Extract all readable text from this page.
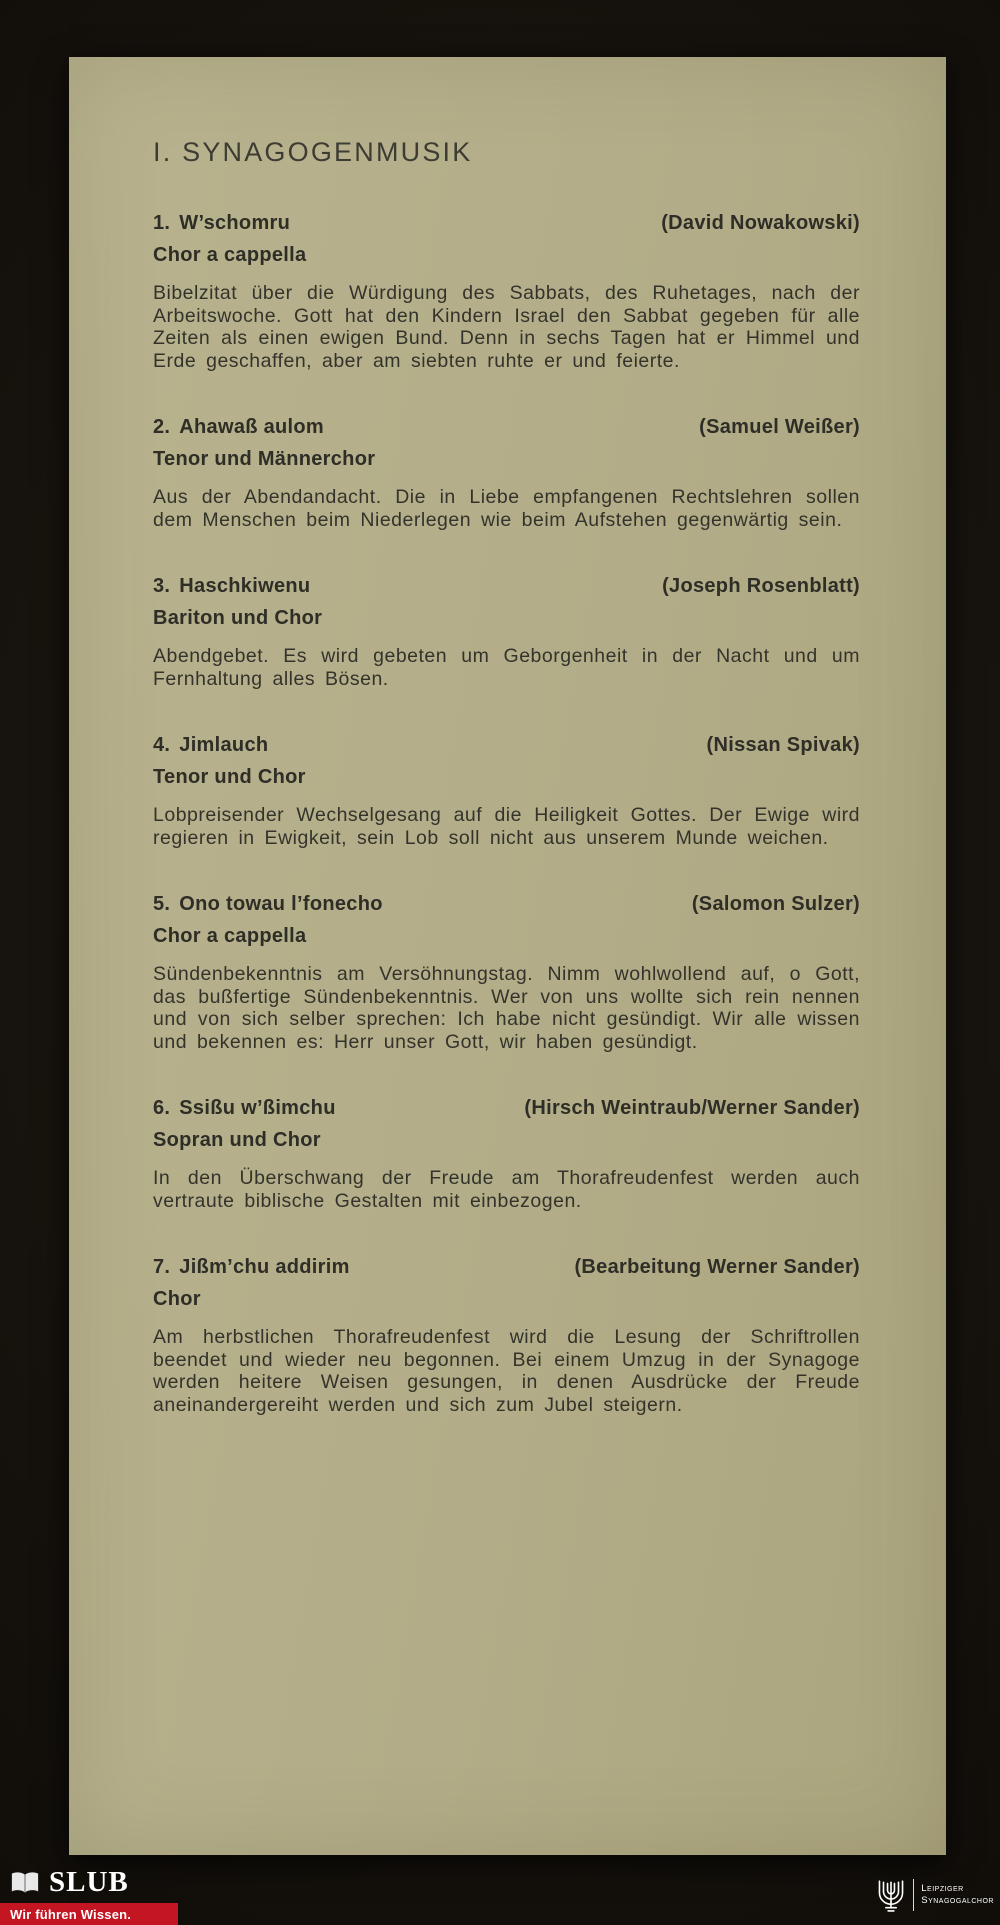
I. SYNAGOGENMUSIK
1. W’schomru	(David Nowakowski)
Chor a cappella

Bibelzitat über die Würdigung des Sabbats, des Ruhetages, nach der Arbeitswoche. Gott hat den Kindern Israel den Sabbat gegeben für alle Zeiten als einen ewigen Bund. Denn in sechs Tagen hat er Himmel und Erde geschaffen, aber am siebten ruhte er und feierte.

2. Ahawaß aulom	(Samuel Weißer)
Tenor und Männerchor

Aus der Abendandacht. Die in Liebe empfangenen Rechtslehren sollen dem Menschen beim Niederlegen wie beim Aufstehen gegenwärtig sein.

3. Haschkiwenu	(Joseph Rosenblatt)
Bariton und Chor

Abendgebet. Es wird gebeten um Geborgenheit in der Nacht und um Fernhaltung alles Bösen.

4. Jimlauch	(Nissan Spivak)
Tenor und Chor

Lobpreisender Wechselgesang auf die Heiligkeit Gottes. Der Ewige wird regieren in Ewigkeit, sein Lob soll nicht aus unserem Munde weichen.

5. Ono towau l’fonecho	(Salomon Sulzer)
Chor a cappella

Sündenbekenntnis am Versöhnungstag. Nimm wohlwollend auf, o Gott, das bußfertige Sündenbekenntnis. Wer von uns wollte sich rein nennen und von sich selber sprechen: Ich habe nicht gesündigt. Wir alle wissen und bekennen es: Herr unser Gott, wir haben gesündigt.

6. Ssißu w’ßimchu	(Hirsch Weintraub/Werner Sander)
Sopran und Chor

In den Überschwang der Freude am Thorafreudenfest werden auch vertraute biblische Gestalten mit einbezogen.

7. Jißm’chu addirim	(Bearbeitung Werner Sander)
Chor

Am herbstlichen Thorafreudenfest wird die Lesung der Schriftrollen beendet und wieder neu begonnen. Bei einem Umzug in der Synagoge werden heitere Weisen gesungen, in denen Ausdrücke der Freude aneinandergereiht werden und sich zum Jubel steigern.

SLUB
Wir führen Wissen.
Leipziger
Synagogalchor
